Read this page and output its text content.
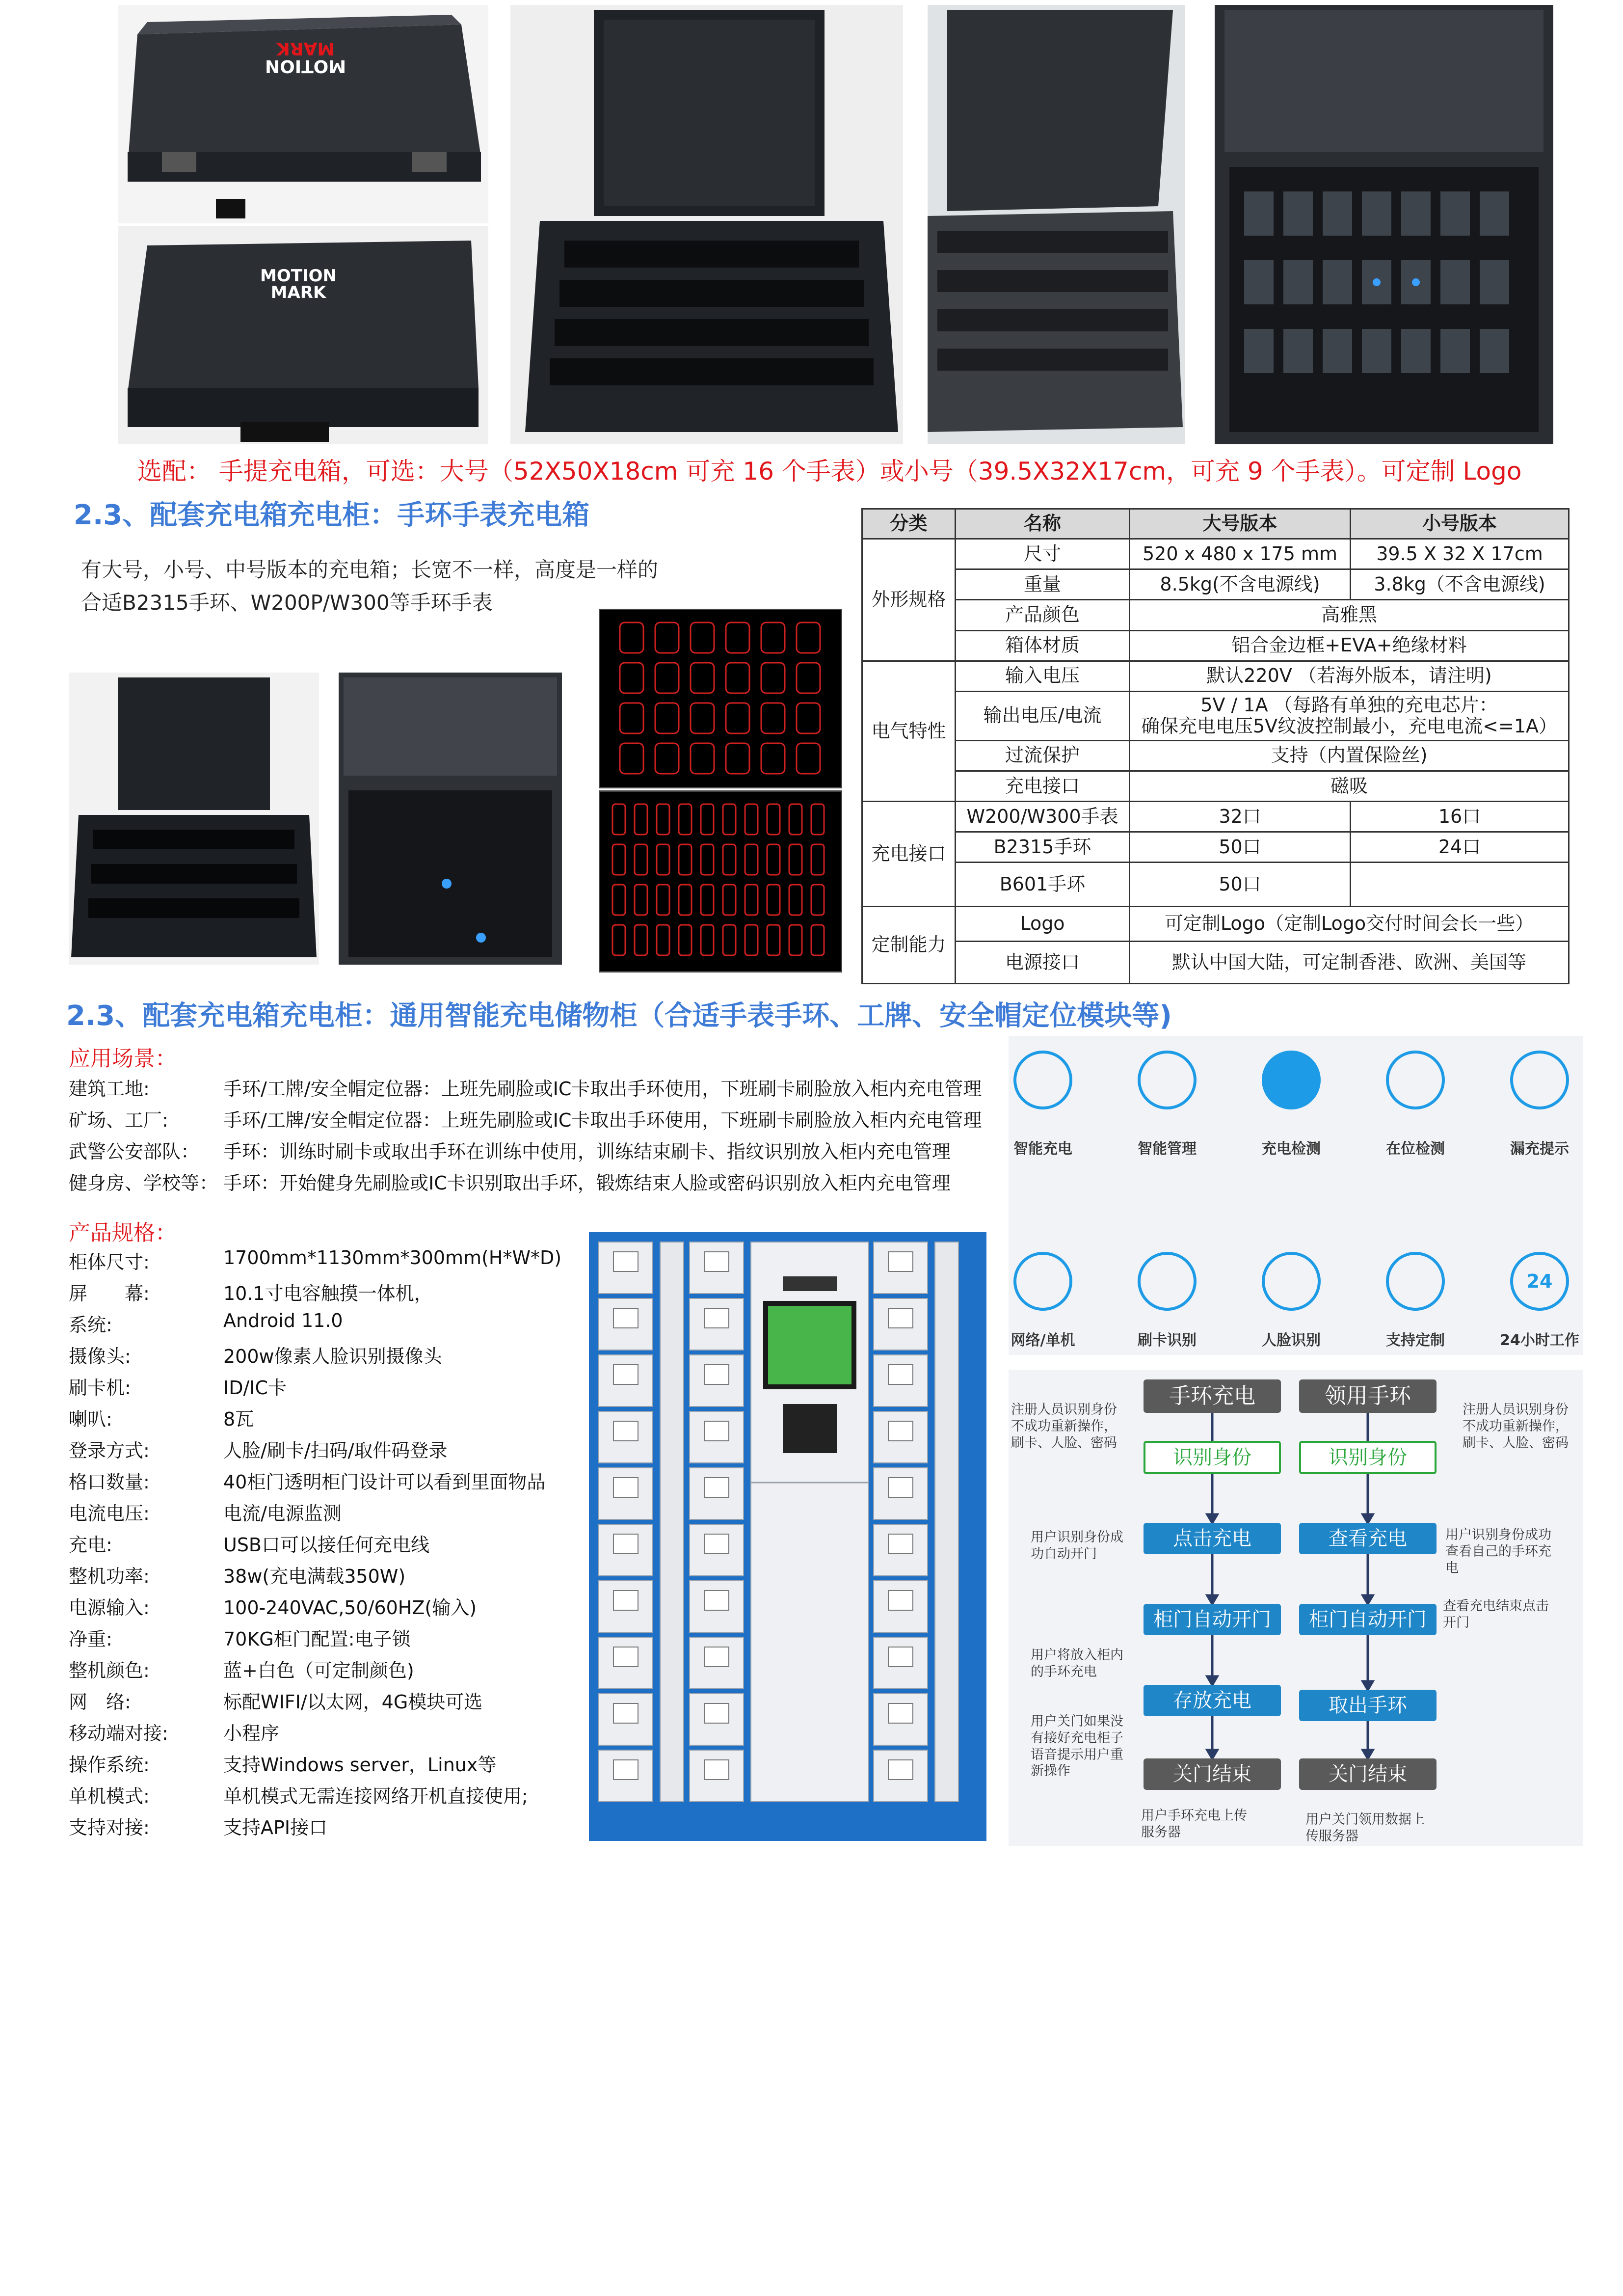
MOTION
MARK
MOTION
MARK
选配： 手提充电箱，可选：大号（52X50X18cm 可充 16 个手表）或小号（39.5X32X17cm，可充 9 个手表）。可定制 Logo
2.3、配套充电箱充电柜：手环手表充电箱
有大号，小号、中号版本的充电箱；长宽不一样，高度是一样的
合适B2315手环、W200P/W300等手环手表
分类	名称	大号版本	小号版本
外形规格	尺寸	520 x 480 x 175 mm	39.5 X 32 X 17cm
	重量	8.5kg(不含电源线)	3.8kg（不含电源线)
	产品颜色	高雅黑	
	箱体材质	铝合金边框+EVA+绝缘材料	
电气特性	输入电压	默认220V （若海外版本，请注明)	
	输出电压/电流	5V / 1A （每路有单独的充电芯片：
确保充电电压5V纹波控制最小，充电电流<=1A）	

	过流保护	支持（内置保险丝)	
	充电接口	磁吸	
充电接口	W200/W300手表	32口	16口
	B2315手环	50口	24口
	B601手环	50口	
定制能力	Logo	可定制Logo（定制Logo交付时间会长一些）	
	电源接口	默认中国大陆，可定制香港、欧洲、美国等	
2.3、配套充电箱充电柜：通用智能充电储物柜（合适手表手环、工牌、安全帽定位模块等)
应用场景：
建筑工地:	手环/工牌/安全帽定位器：上班先刷脸或IC卡取出手环使用，下班刷卡刷脸放入柜内充电管理
矿场、工厂:	手环/工牌/安全帽定位器：上班先刷脸或IC卡取出手环使用，下班刷卡刷脸放入柜内充电管理
武警公安部队： 手环：训练时刷卡或取出手环在训练中使用，训练结束刷卡、指纹识别放入柜内充电管理
健身房、学校等： 手环：开始健身先刷脸或IC卡识别取出手环，锻炼结束人脸或密码识别放入柜内充电管理
产品规格：
柜体尺寸:	1700mm*1130mm*300mm(H*W*D)
屏　　幕:	10.1寸电容触摸一体机，
系统:	Android 11.0
摄像头:	200w像素人脸识别摄像头
刷卡机:	ID/IC卡
喇叭:	8瓦
登录方式:	人脸/刷卡/扫码/取件码登录
格口数量:	40柜门透明柜门设计可以看到里面物品
电流电压:	电流/电源监测
充电:	USB口可以接任何充电线
整机功率:	38w(充电满载350W)
电源输入:	100-240VAC,50/60HZ(输入)
净重:	70KG柜门配置:电子锁
整机颜色:	蓝+白色（可定制颜色)
网　络:	标配WIFI/以太网，4G模块可选
移动端对接:	小程序
操作系统:	支持Windows server，Linux等
单机模式:	单机模式无需连接网络开机直接使用;
支持对接:	支持API接口
智能充电	智能管理	充电检测	在位检测	漏充提示
网络/单机	刷卡识别	人脸识别	支持定制
24
24小时工作
手环充电
识别身份
点击充电
柜门自动开门
存放充电
关门结束
领用手环
识别身份
查看充电
柜门自动开门
取出手环
关门结束
注册人员识别身份不成功重新操作，刷卡、人脸、密码
用户识别身份成功自动开门
用户将放入柜内的手环充电
用户关门如果没有接好充电柜子语音提示用户重新操作
用户手环充电上传服务器
注册人员识别身份不成功重新操作，刷卡、人脸、密码
用户识别身份成功查看自己的手环充电
查看充电结束点击开门
用户关门领用数据上传服务器
